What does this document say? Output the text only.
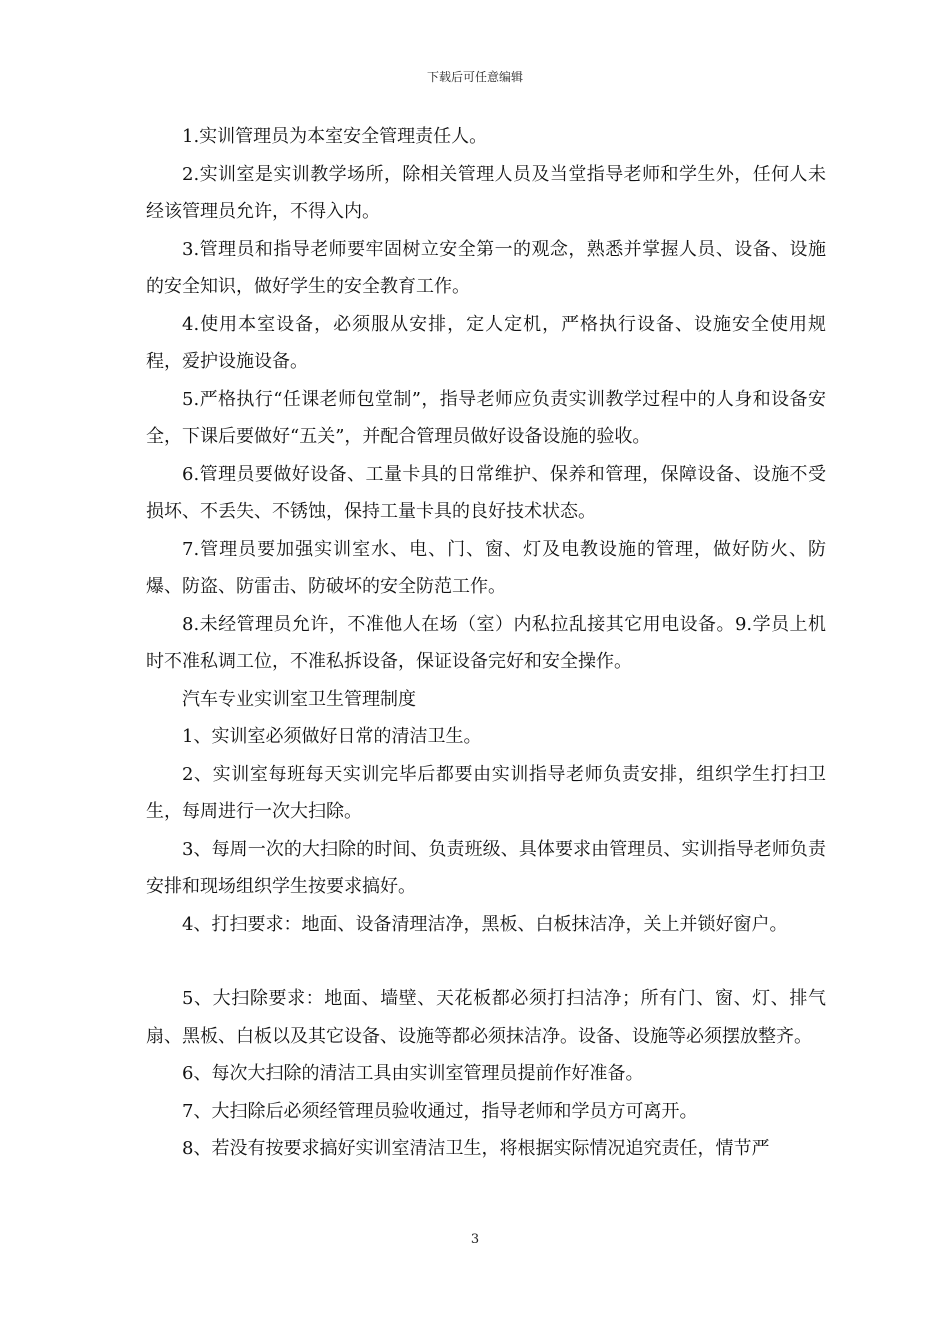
下载后可任意编辑

1.实训管理员为本室安全管理责任人。

2.实训室是实训教学场所，除相关管理人员及当堂指导老师和学生外，任何人未经该管理员允许，不得入内。

3.管理员和指导老师要牢固树立安全第一的观念，熟悉并掌握人员、设备、设施的安全知识，做好学生的安全教育工作。

4.使用本室设备，必须服从安排，定人定机，严格执行设备、设施安全使用规程，爱护设施设备。

5.严格执行“任课老师包堂制”，指导老师应负责实训教学过程中的人身和设备安全，下课后要做好“五关”，并配合管理员做好设备设施的验收。

6.管理员要做好设备、工量卡具的日常维护、保养和管理，保障设备、设施不受损坏、不丢失、不锈蚀，保持工量卡具的良好技术状态。

7.管理员要加强实训室水、电、门、窗、灯及电教设施的管理，做好防火、防爆、防盗、防雷击、防破坏的安全防范工作。

8.未经管理员允许，不准他人在场（室）内私拉乱接其它用电设备。9.学员上机时不准私调工位，不准私拆设备，保证设备完好和安全操作。

汽车专业实训室卫生管理制度

1、实训室必须做好日常的清洁卫生。

2、实训室每班每天实训完毕后都要由实训指导老师负责安排，组织学生打扫卫生，每周进行一次大扫除。

3、每周一次的大扫除的时间、负责班级、具体要求由管理员、实训指导老师负责安排和现场组织学生按要求搞好。

4、打扫要求：地面、设备清理洁净，黑板、白板抹洁净，关上并锁好窗户。

5、大扫除要求：地面、墙壁、天花板都必须打扫洁净；所有门、窗、灯、排气扇、黑板、白板以及其它设备、设施等都必须抹洁净。设备、设施等必须摆放整齐。

6、每次大扫除的清洁工具由实训室管理员提前作好准备。

7、大扫除后必须经管理员验收通过，指导老师和学员方可离开。

8、若没有按要求搞好实训室清洁卫生，将根据实际情况追究责任，情节严

3
